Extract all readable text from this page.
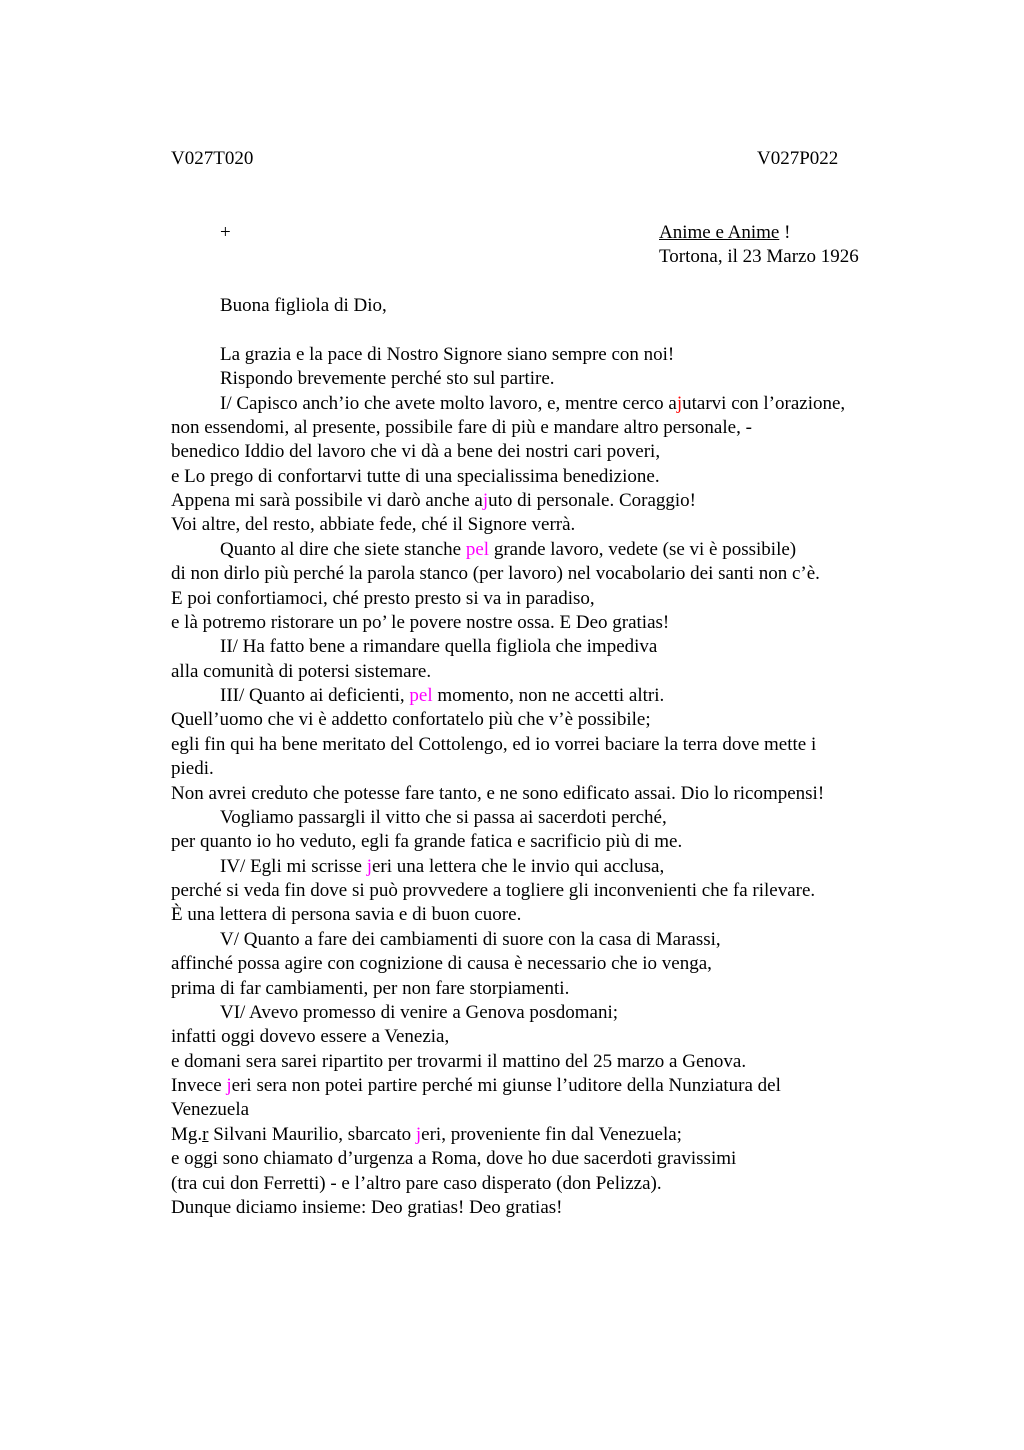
V027T020	V027P022
+	Anime e Anime !
Tortona, il 23 Marzo 1926
Buona figliola di Dio,
La grazia e la pace di Nostro Signore siano sempre con noi!
Rispondo brevemente perché sto sul partire.
I/ Capisco anch’io che avete molto lavoro, e, mentre cerco ajutarvi con l’orazione,
non essendomi, al presente, possibile fare di più e mandare altro personale, -
benedico Iddio del lavoro che vi dà a bene dei nostri cari poveri,
e Lo prego di confortarvi tutte di una specialissima benedizione.
Appena mi sarà possibile vi darò anche ajuto di personale. Coraggio!
Voi altre, del resto, abbiate fede, ché il Signore verrà.
Quanto al dire che siete stanche pel grande lavoro, vedete (se vi è possibile)
di non dirlo più perché la parola stanco (per lavoro) nel vocabolario dei santi non c’è.
E poi confortiamoci, ché presto presto si va in paradiso,
e là potremo ristorare un po’ le povere nostre ossa. E Deo gratias!
II/ Ha fatto bene a rimandare quella figliola che impediva
alla comunità di potersi sistemare.
III/ Quanto ai deficienti, pel momento, non ne accetti altri.
Quell’uomo che vi è addetto confortatelo più che v’è possibile;
egli fin qui ha bene meritato del Cottolengo, ed io vorrei baciare la terra dove mette i
piedi.
Non avrei creduto che potesse fare tanto, e ne sono edificato assai. Dio lo ricompensi!
Vogliamo passargli il vitto che si passa ai sacerdoti perché,
per quanto io ho veduto, egli fa grande fatica e sacrificio più di me.
IV/ Egli mi scrisse jeri una lettera che le invio qui acclusa,
perché si veda fin dove si può provvedere a togliere gli inconvenienti che fa rilevare.
È una lettera di persona savia e di buon cuore.
V/ Quanto a fare dei cambiamenti di suore con la casa di Marassi,
affinché possa agire con cognizione di causa è necessario che io venga,
prima di far cambiamenti, per non fare storpiamenti.
VI/ Avevo promesso di venire a Genova posdomani;
infatti oggi dovevo essere a Venezia,
e domani sera sarei ripartito per trovarmi il mattino del 25 marzo a Genova.
Invece jeri sera non potei partire perché mi giunse l’uditore della Nunziatura del
Venezuela
Mg.r Silvani Maurilio, sbarcato jeri, proveniente fin dal Venezuela;
e oggi sono chiamato d’urgenza a Roma, dove ho due sacerdoti gravissimi
(tra cui don Ferretti) - e l’altro pare caso disperato (don Pelizza).
Dunque diciamo insieme: Deo gratias! Deo gratias!
